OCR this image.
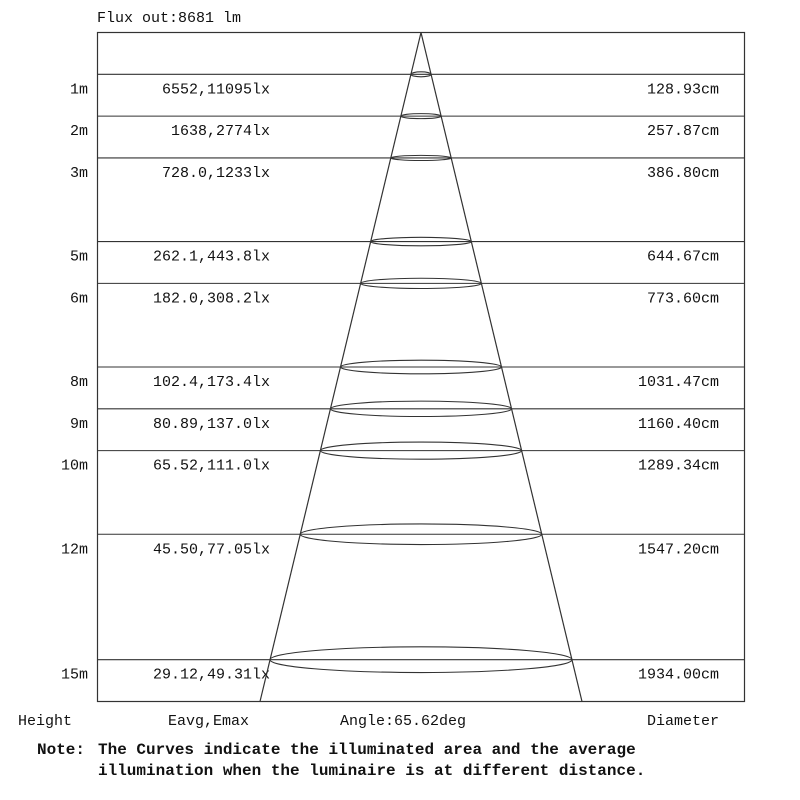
Flux out:8681 lm
1m	6552,11095lx	128.93cm
2m	1638,2774lx	257.87cm
3m	728.0,1233lx	386.80cm
5m	262.1,443.8lx	644.67cm
6m	182.0,308.2lx	773.60cm
8m	102.4,173.4lx	1031.47cm
9m	80.89,137.0lx	1160.40cm
10m	65.52,111.0lx	1289.34cm
12m	45.50,77.05lx	1547.20cm
15m	29.12,49.31lx	1934.00cm
Height	Eavg,Emax	Angle:65.62deg	Diameter
Note: The Curves indicate the illuminated area and the average
illumination when the luminaire is at different distance.
